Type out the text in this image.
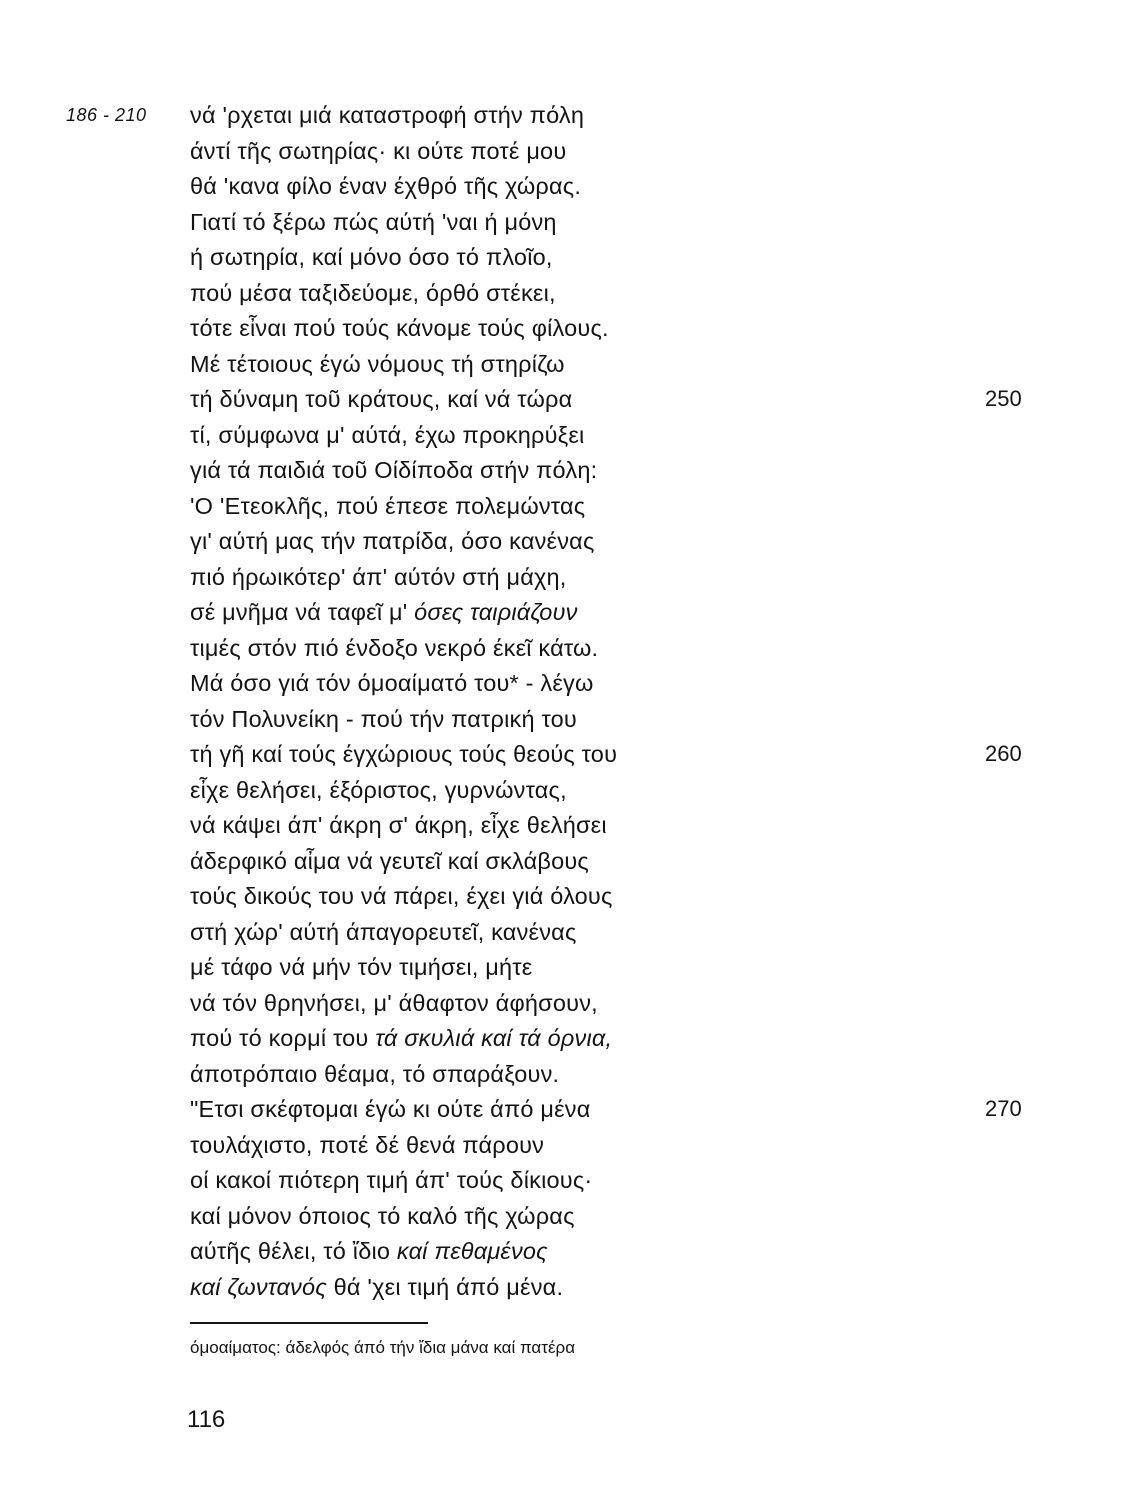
186 - 210 νά 'ρχεται μιά καταστροφή στήν πόλη
άντί τῆς σωτηρίας· κι ούτε ποτέ μου
θά 'κανα φίλο έναν έχθρό τῆς χώρας.
Γιατί τό ξέρω πώς αύτή 'ναι ή μόνη
ή σωτηρία, καί μόνο όσο τό πλοῖο,
πού μέσα ταξιδεύομε, όρθό στέκει,
τότε εἶναι πού τούς κάνομε τούς φίλους.
Μέ τέτοιους έγώ νόμους τή στηρίζω
τή δύναμη τοῦ κράτους, καί νά τώρα
τί, σύμφωνα μ' αύτά, έχω προκηρύξει
γιά τά παιδιά τοῦ Οίδίποδα στήν πόλη:
'Ο 'Ετεοκλῆς, πού έπεσε πολεμώντας
γι' αύτή μας τήν πατρίδα, όσο κανένας
πιό ήρωικότερ' άπ' αύτόν στή μάχη,
σέ μνῆμα νά ταφεῖ μ' όσες ταιριάζουν
τιμές στόν πιό ένδοξο νεκρό έκεῖ κάτω.
Μά όσο γιά τόν όμοαίματό του* - λέγω
τόν Πολυνείκη - πού τήν πατρική του
τή γῆ καί τούς έγχώριους τούς θεούς του
εἶχε θελήσει, έξόριστος, γυρνώντας,
νά κάψει άπ' άκρη σ' άκρη, εἶχε θελήσει
άδερφικό αἶμα νά γευτεῖ καί σκλάβους
τούς δικούς του νά πάρει, έχει γιά όλους
στή χώρ' αύτή άπαγορευτεῖ, κανένας
μέ τάφο νά μήν τόν τιμήσει, μήτε
νά τόν θρηνήσει, μ' άθαφτον άφήσουν,
πού τό κορμί του τά σκυλιά καί τά όρνια,
άποτρόπαιο θέαμα, τό σπαράξουν.
"Ετσι σκέφτομαι έγώ κι ούτε άπό μένα
τουλάχιστο, ποτέ δέ θενά πάρουν
οί κακοί πιότερη τιμή άπ' τούς δίκιους·
καί μόνον όποιος τό καλό τῆς χώρας
αύτῆς θέλει, τό ἴδιο καί πεθαμένος
καί ζωντανός θά 'χει τιμή άπό μένα.
250
260
270
όμοαίματος: άδελφός άπό τήν ἴδια μάνα καί πατέρα
116
